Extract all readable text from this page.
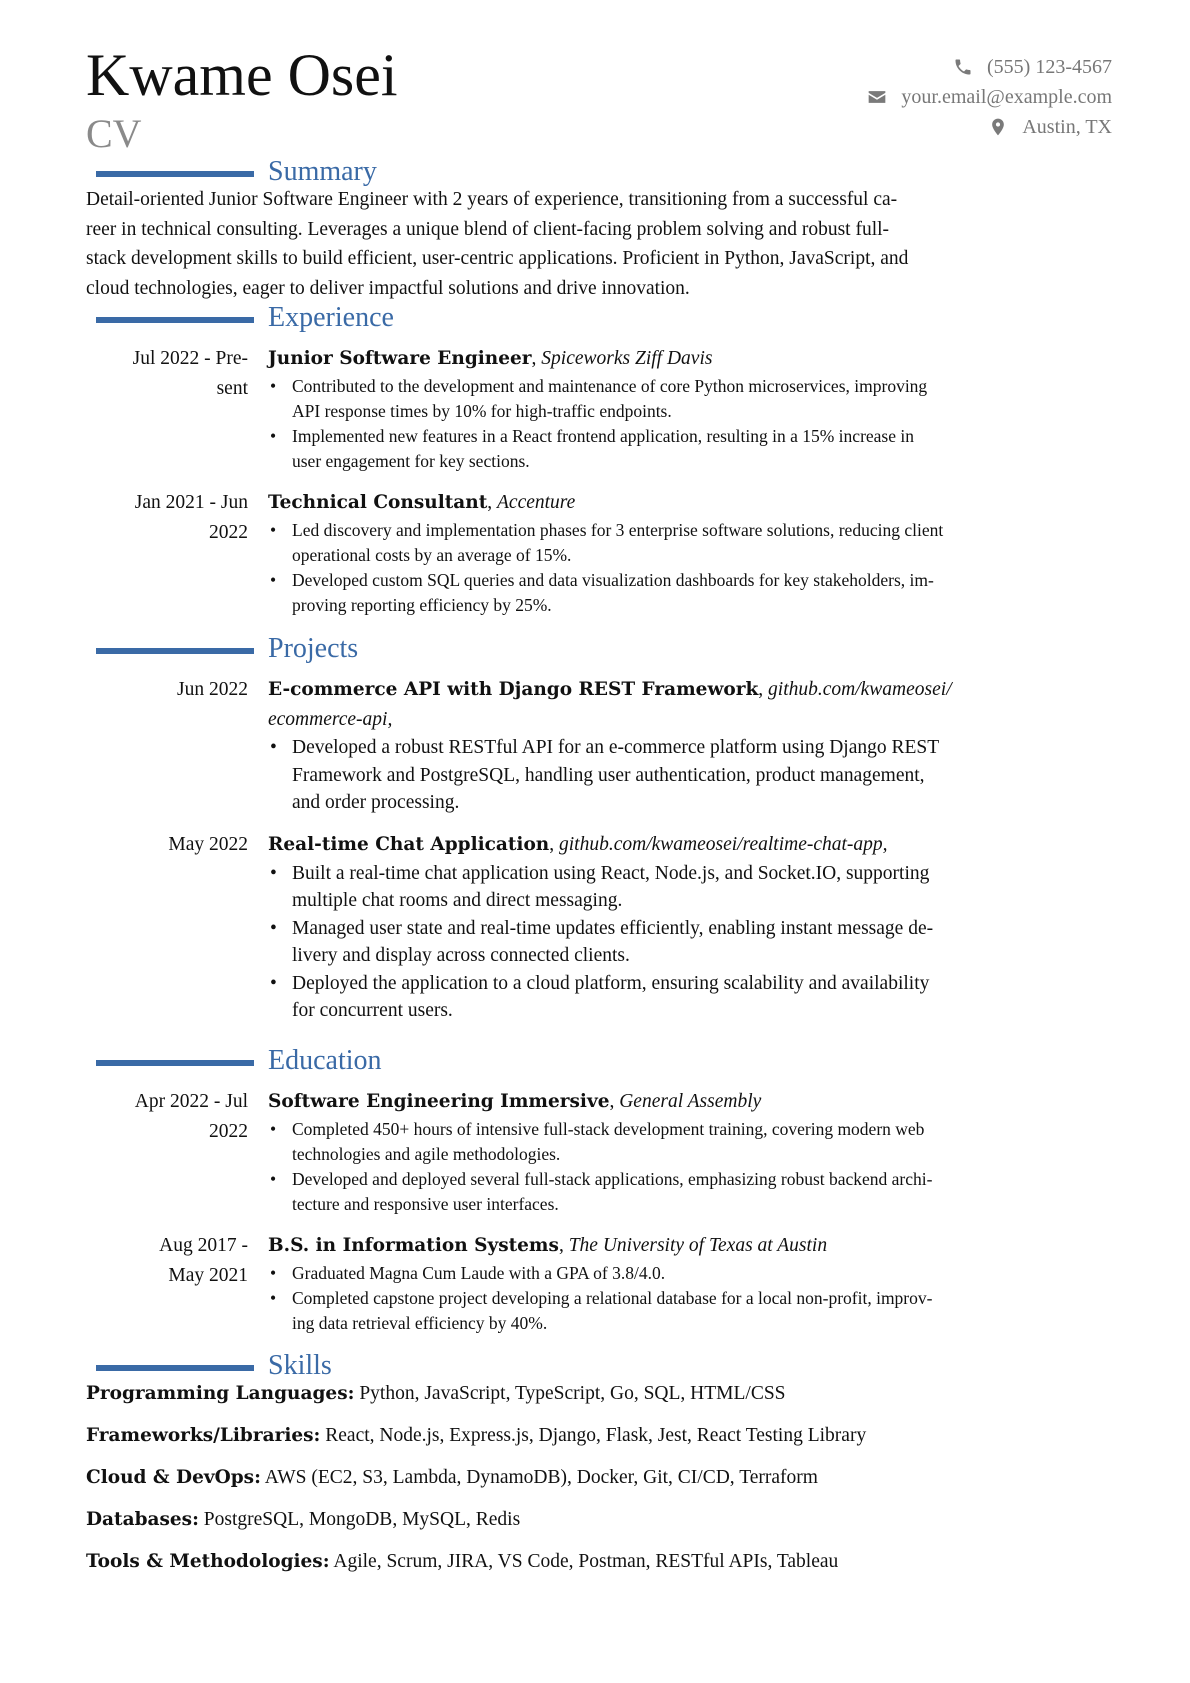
Kwame Osei
CV
(555) 123-4567
your.email@example.com
Austin, TX
Summary
Detail-oriented Junior Software Engineer with 2 years of experience, transitioning from a successful ca-
reer in technical consulting. Leverages a unique blend of client-facing problem solving and robust full-
stack development skills to build efficient, user-centric applications. Proficient in Python, JavaScript, and
cloud technologies, eager to deliver impactful solutions and drive innovation.
Experience
Jul 2022 - Pre-
sent
Junior Software Engineer, Spiceworks Ziff Davis
• Contributed to the development and maintenance of core Python microservices, improving
API response times by 10% for high-traffic endpoints.
• Implemented new features in a React frontend application, resulting in a 15% increase in
user engagement for key sections.
Jan 2021 - Jun
2022
Technical Consultant, Accenture
• Led discovery and implementation phases for 3 enterprise software solutions, reducing client
operational costs by an average of 15%.
• Developed custom SQL queries and data visualization dashboards for key stakeholders, im-
proving reporting efficiency by 25%.
Projects
Jun 2022 E-commerce API with Django REST Framework, github.com/kwameosei/
ecommerce-api,
• Developed a robust RESTful API for an e-commerce platform using Django REST
Framework and PostgreSQL, handling user authentication, product management,
and order processing.
May 2022 Real-time Chat Application, github.com/kwameosei/realtime-chat-app,
• Built a real-time chat application using React, Node.js, and Socket.IO, supporting
multiple chat rooms and direct messaging.
• Managed user state and real-time updates efficiently, enabling instant message de-
livery and display across connected clients.
• Deployed the application to a cloud platform, ensuring scalability and availability
for concurrent users.
Education
Apr 2022 - Jul
2022
Software Engineering Immersive, General Assembly
• Completed 450+ hours of intensive full-stack development training, covering modern web
technologies and agile methodologies.
• Developed and deployed several full-stack applications, emphasizing robust backend archi-
tecture and responsive user interfaces.
Aug 2017 -
May 2021
B.S. in Information Systems, The University of Texas at Austin
• Graduated Magna Cum Laude with a GPA of 3.8/4.0.
• Completed capstone project developing a relational database for a local non-profit, improv-
ing data retrieval efficiency by 40%.
Skills
Programming Languages: Python, JavaScript, TypeScript, Go, SQL, HTML/CSS
Frameworks/Libraries: React, Node.js, Express.js, Django, Flask, Jest, React Testing Library
Cloud & DevOps: AWS (EC2, S3, Lambda, DynamoDB), Docker, Git, CI/CD, Terraform
Databases: PostgreSQL, MongoDB, MySQL, Redis
Tools & Methodologies: Agile, Scrum, JIRA, VS Code, Postman, RESTful APIs, Tableau
